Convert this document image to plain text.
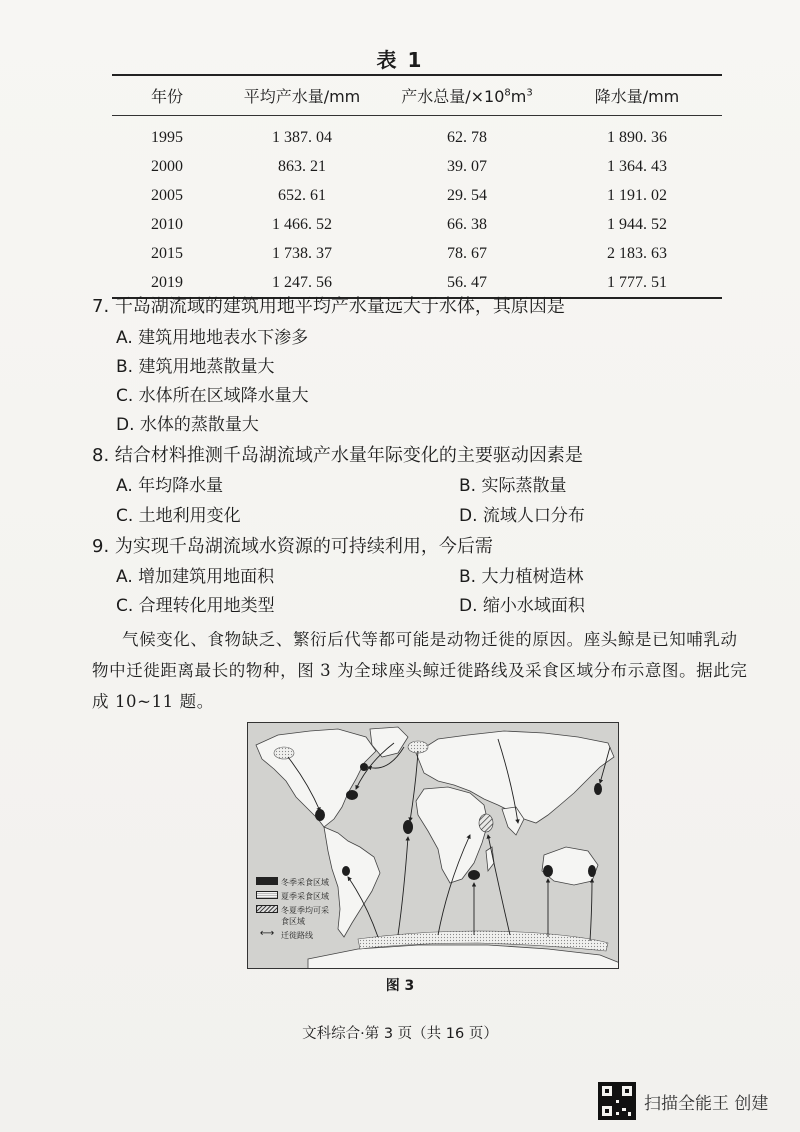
表 1
年份	平均产水量/mm	产水总量$/\times 10^8m^3$	降水量/mm
1995	1 387. 04	62. 78	1 890. 36
2000	863. 21	39. 07	1 364. 43
2005	652. 61	29. 54	1 191. 02
2010	1 466. 52	66. 38	1 944. 52
2015	1 738. 37	78. 67	2 183. 63
2019	1 247. 56	56. 47	1 777. 51
7. 千岛湖流域的建筑用地平均产水量远大于水体，其原因是
A. 建筑用地地表水下渗多
B. 建筑用地蒸散量大
C. 水体所在区域降水量大
D. 水体的蒸散量大
8. 结合材料推测千岛湖流域产水量年际变化的主要驱动因素是
A. 年均降水量	B. 实际蒸散量
C. 土地利用变化	D. 流域人口分布
9. 为实现千岛湖流域水资源的可持续利用，今后需
A. 增加建筑用地面积	B. 大力植树造林
C. 合理转化用地类型	D. 缩小水域面积
气候变化、食物缺乏、繁衍后代等都可能是动物迁徙的原因。座头鲸是已知哺乳动
物中迁徙距离最长的物种，图 3 为全球座头鲸迁徙路线及采食区域分布示意图。据此完
成 10~11 题。
冬季采食区域
夏季采食区域
冬夏季均可采食区域
⟷ 迁徙路线
图 3
文科综合·第 3 页（共 16 页）
扫描全能王 创建
